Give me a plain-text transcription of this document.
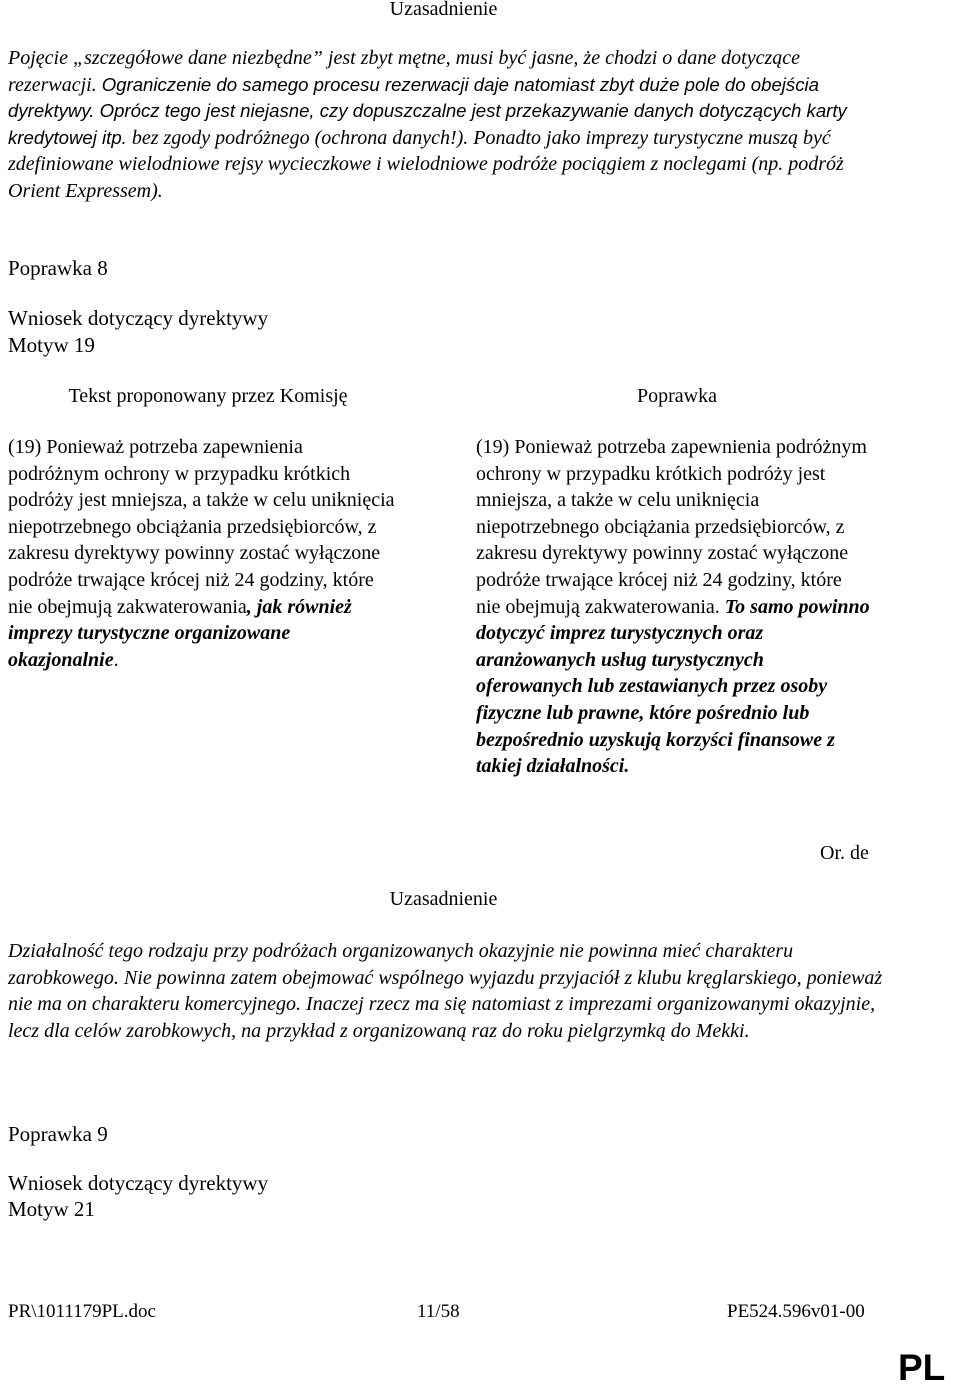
Uzasadnienie
Pojęcie „szczegółowe dane niezbędne” jest zbyt mętne, musi być jasne, że chodzi o dane dotyczące rezerwacji. Ograniczenie do samego procesu rezerwacji daje natomiast zbyt duże pole do obejścia dyrektywy. Oprócz tego jest niejasne, czy dopuszczalne jest przekazywanie danych dotyczących karty kredytowej itp. bez zgody podróżnego (ochrona danych!). Ponadto jako imprezy turystyczne muszą być zdefiniowane wielodniowe rejsy wycieczkowe i wielodniowe podróże pociągiem z noclegami (np. podróż Orient Expressem).
Poprawka 8
Wniosek dotyczący dyrektywy
Motyw 19
Tekst proponowany przez Komisję	Poprawka
(19) Ponieważ potrzeba zapewnienia podróżnym ochrony w przypadku krótkich podróży jest mniejsza, a także w celu uniknięcia niepotrzebnego obciążania przedsiębiorców, z zakresu dyrektywy powinny zostać wyłączone podróże trwające krócej niż 24 godziny, które nie obejmują zakwaterowania, jak również imprezy turystyczne organizowane okazjonalnie.
(19) Ponieważ potrzeba zapewnienia podróżnym ochrony w przypadku krótkich podróży jest mniejsza, a także w celu uniknięcia niepotrzebnego obciążania przedsiębiorców, z zakresu dyrektywy powinny zostać wyłączone podróże trwające krócej niż 24 godziny, które nie obejmują zakwaterowania. To samo powinno dotyczyć imprez turystycznych oraz aranżowanych usług turystycznych oferowanych lub zestawianych przez osoby fizyczne lub prawne, które pośrednio lub bezpośrednio uzyskują korzyści finansowe z takiej działalności.
Or. de
Uzasadnienie
Działalność tego rodzaju przy podróżach organizowanych okazyjnie nie powinna mieć charakteru zarobkowego. Nie powinna zatem obejmować wspólnego wyjazdu przyjaciół z klubu kręglarskiego, ponieważ nie ma on charakteru komercyjnego. Inaczej rzecz ma się natomiast z imprezami organizowanymi okazyjnie, lecz dla celów zarobkowych, na przykład z organizowaną raz do roku pielgrzymką do Mekki.
Poprawka 9
Wniosek dotyczący dyrektywy
Motyw 21
PR\1011179PL.doc	11/58	PE524.596v01-00
PL
